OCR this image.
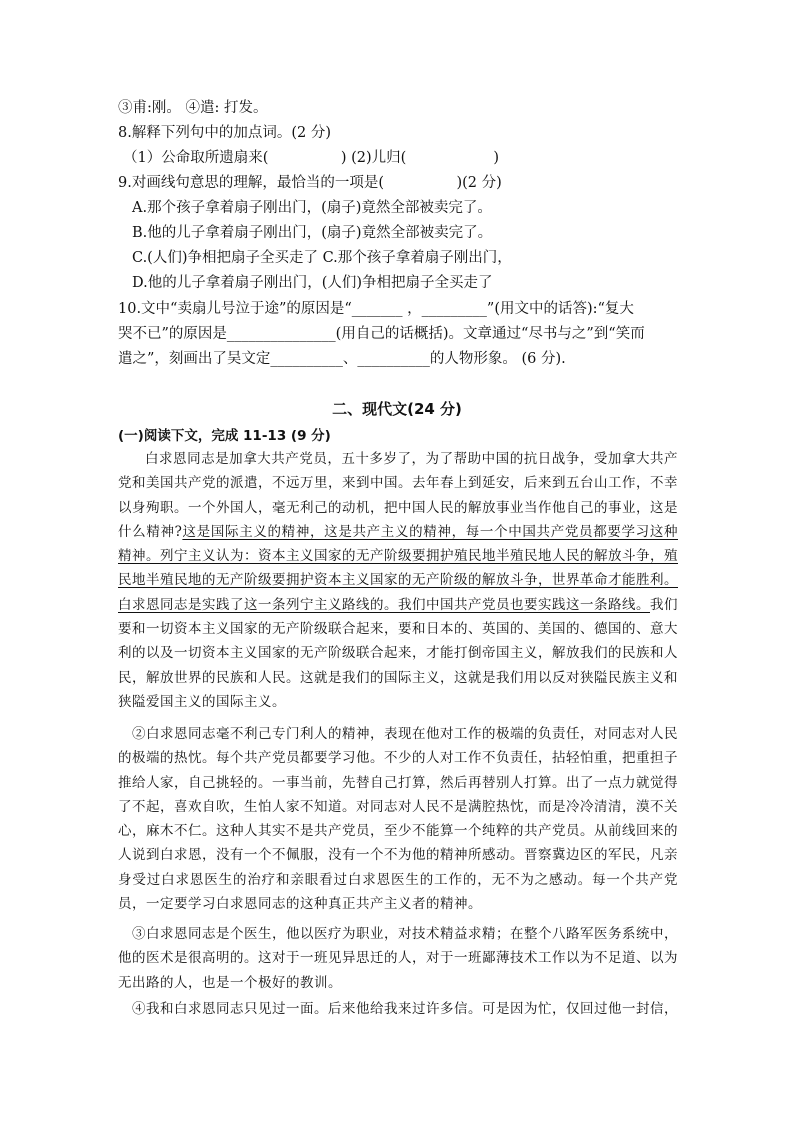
③甫:刚。 ④遣: 打发。
8.解释下列句中的加点词。(2 分)
（1）公命取所遗扇来(　　　　　) (2)儿归(　　　　　　)
9.对画线句意思的理解，最恰当的一项是(　　　　　)(2 分)
A.那个孩子拿着扇子刚出门，(扇子)竟然全部被卖完了。
B.他的儿子拿着扇子刚出门，(扇子)竟然全部被卖完了。
C.(人们)争相把扇子全买走了 C.那个孩子拿着扇子刚出门，
D.他的儿子拿着扇子刚出门，(人们)争相把扇子全买走了
10.文中“卖扇儿号泣于途”的原因是“_______ ，_________”(用文中的话答):“复大
哭不已”的原因是_______________(用自己的话概括)。文章通过“尽书与之”到“笑而
遣之”，刻画出了吴文定__________、__________的人物形象。 (6 分).
二、现代文(24 分)
(一)阅读下文，完成 11-13 (9 分)
白求恩同志是加拿大共产党员，五十多岁了，为了帮助中国的抗日战争，受加拿大共产党和美国共产党的派遣，不远万里，来到中国。去年春上到延安，后来到五台山工作，不幸以身殉职。一个外国人，毫无利己的动机，把中国人民的解放事业当作他自己的事业，这是什么精神?这是国际主义的精神，这是共产主义的精神，每一个中国共产党员都要学习这种精神。列宁主义认为：资本主义国家的无产阶级要拥护殖民地半殖民地人民的解放斗争，殖民地半殖民地的无产阶级要拥护资本主义国家的无产阶级的解放斗争，世界革命才能胜利。白求恩同志是实践了这一条列宁主义路线的。我们中国共产党员也要实践这一条路线。我们要和一切资本主义国家的无产阶级联合起来，要和日本的、英国的、美国的、德国的、意大利的以及一切资本主义国家的无产阶级联合起来，才能打倒帝国主义，解放我们的民族和人民，解放世界的民族和人民。这就是我们的国际主义，这就是我们用以反对狭隘民族主义和狭隘爱国主义的国际主义。
②白求恩同志毫不利己专门利人的精神，表现在他对工作的极端的负责任，对同志对人民的极端的热忱。每个共产党员都要学习他。不少的人对工作不负责任，拈轻怕重，把重担子推给人家，自己挑轻的。一事当前，先替自己打算，然后再替别人打算。出了一点力就觉得了不起，喜欢自吹，生怕人家不知道。对同志对人民不是满腔热忱，而是冷冷清清，漠不关心，麻木不仁。这种人其实不是共产党员，至少不能算一个纯粹的共产党员。从前线回来的人说到白求恩，没有一个不佩服，没有一个不为他的精神所感动。晋察冀边区的军民，凡亲身受过白求恩医生的治疗和亲眼看过白求恩医生的工作的，无不为之感动。每一个共产党员，一定要学习白求恩同志的这种真正共产主义者的精神。
③白求恩同志是个医生，他以医疗为职业，对技术精益求精；在整个八路军医务系统中，他的医术是很高明的。这对于一班见异思迁的人，对于一班鄙薄技术工作以为不足道、以为无出路的人，也是一个极好的教训。
④我和白求恩同志只见过一面。后来他给我来过许多信。可是因为忙，仅回过他一封信，
